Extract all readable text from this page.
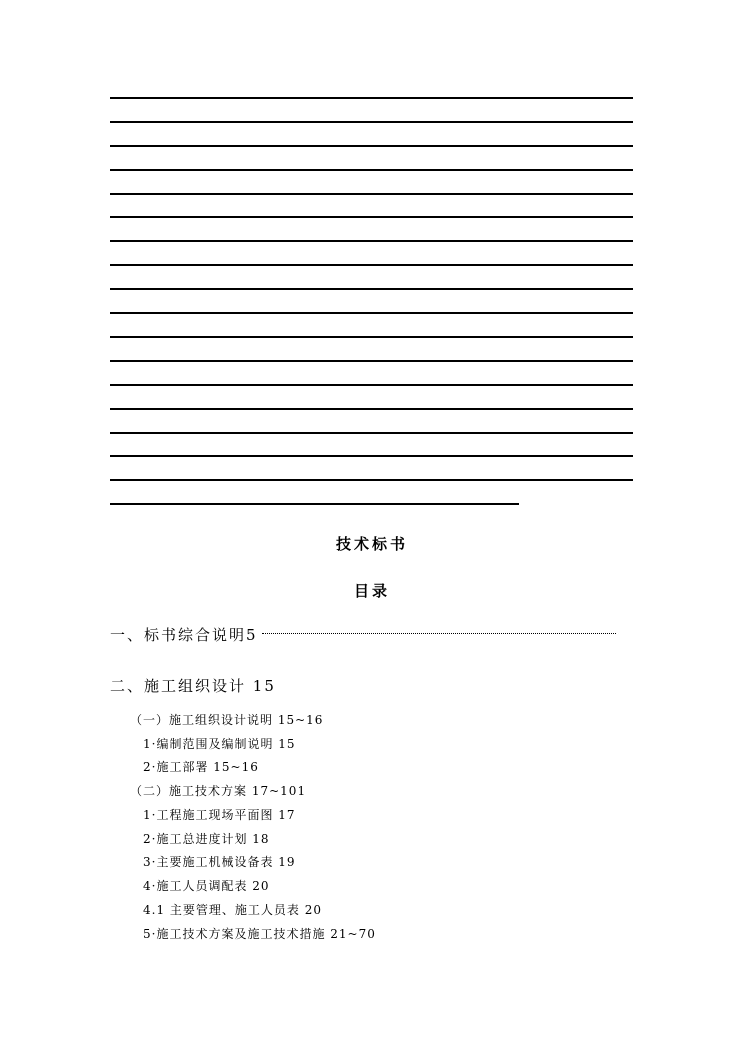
技术标书
目录
一、标书综合说明5
二、施工组织设计 15
（一）施工组织设计说明 15~16
1·编制范围及编制说明 15
2·施工部署 15~16
（二）施工技术方案 17~101
1·工程施工现场平面图 17
2·施工总进度计划 18
3·主要施工机械设备表 19
4·施工人员调配表 20
4.1 主要管理、施工人员表 20
5·施工技术方案及施工技术措施 21~70
